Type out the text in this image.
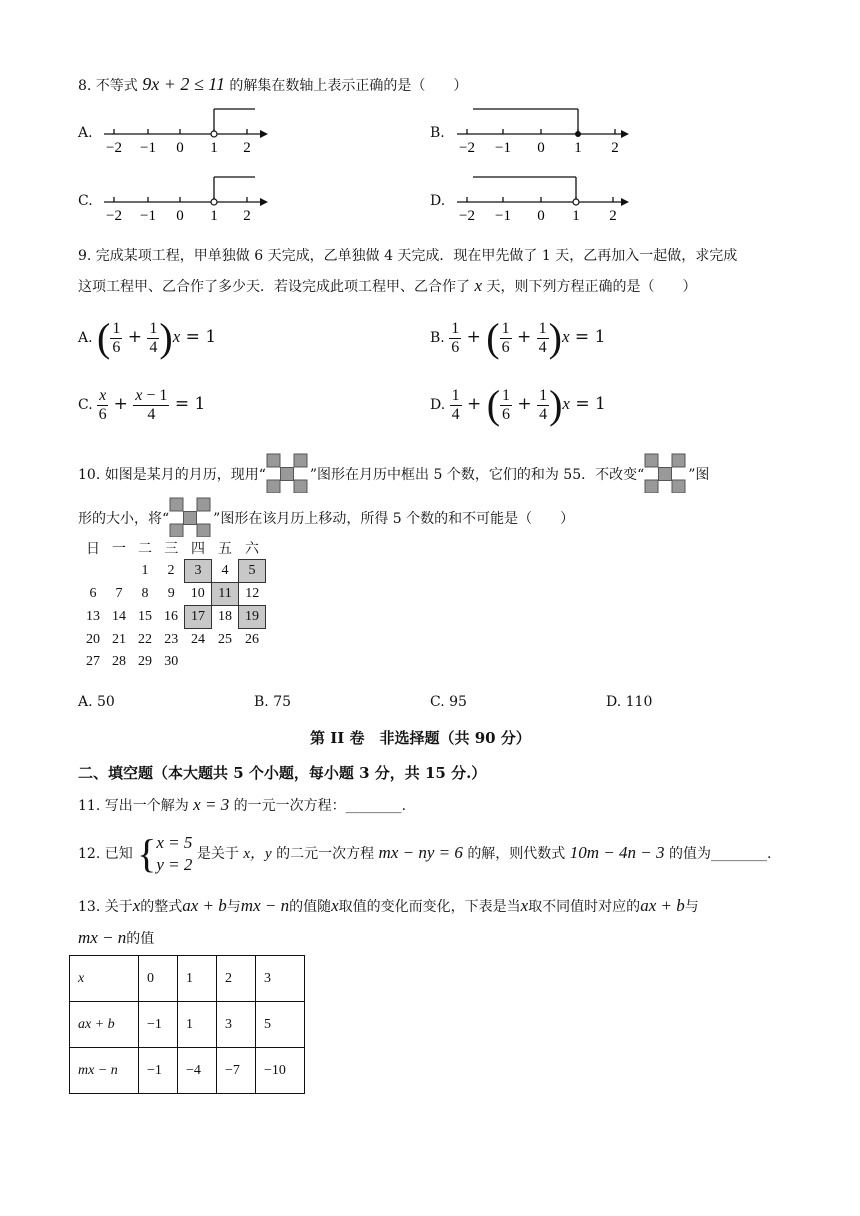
8. 不等式 9x + 2 ≤ 11 的解集在数轴上表示正确的是（　　）
A.
−2 −1 0 1 2
B.
−2 −1 0 1 2
C.
−2 −1 0 1 2
D.
−2 −1 0 1 2
9. 完成某项工程，甲单独做 6 天完成，乙单独做 4 天完成．现在甲先做了 1 天，乙再加入一起做，求完成
这项工程甲、乙合作了多少天．若设完成此项工程甲、乙合作了 x 天，则下列方程正确的是（　　）
A. ( $\frac{1}{6} + \frac{1}{4} )x = 1$	B. $\frac{1}{6}$ + ( $\frac{1}{6} + \frac{1}{4} )x = 1$
C. $\frac{x}{6} + \frac{x - 1}{4} = 1$	D. $\frac{1}{4}$ + ( $\frac{1}{6} + \frac{1}{4} )x = 1$
10. 如图是某月的月历，现用“	”图形在月历中框出 5 个数，它们的和为 55．不改变“	”图
形的大小，将“	”图形在该月历上移动，所得 5 个数的和不可能是（　　）
日	一	二	三	四	五	六
		1	2	3	4	5
6	7	8	9	10	11	12
13	14	15	16	17	18	19
20	21	22	23	24	25	26
27	28	29	30			
A. 50	B. 75	C. 95	D. 110
第 II 卷　非选择题（共 90 分）
二、填空题（本大题共 5 个小题，每小题 3 分，共 15 分.）
11. 写出一个解为 x = 3 的一元一次方程：________.
12. 已知 { x = 5
y = 2
是关于 x，y 的二元一次方程 mx − ny = 6 的解，则代数式 10m − 4n − 3 的值为________.
13. 关于x的整式ax + b与mx − n的值随x取值的变化而变化，下表是当x取不同值时对应的ax + b与
mx − n的值
x	0	1	2	3
ax + b	−1	1	3	5
mx − n	−1	−4	−7	−10
